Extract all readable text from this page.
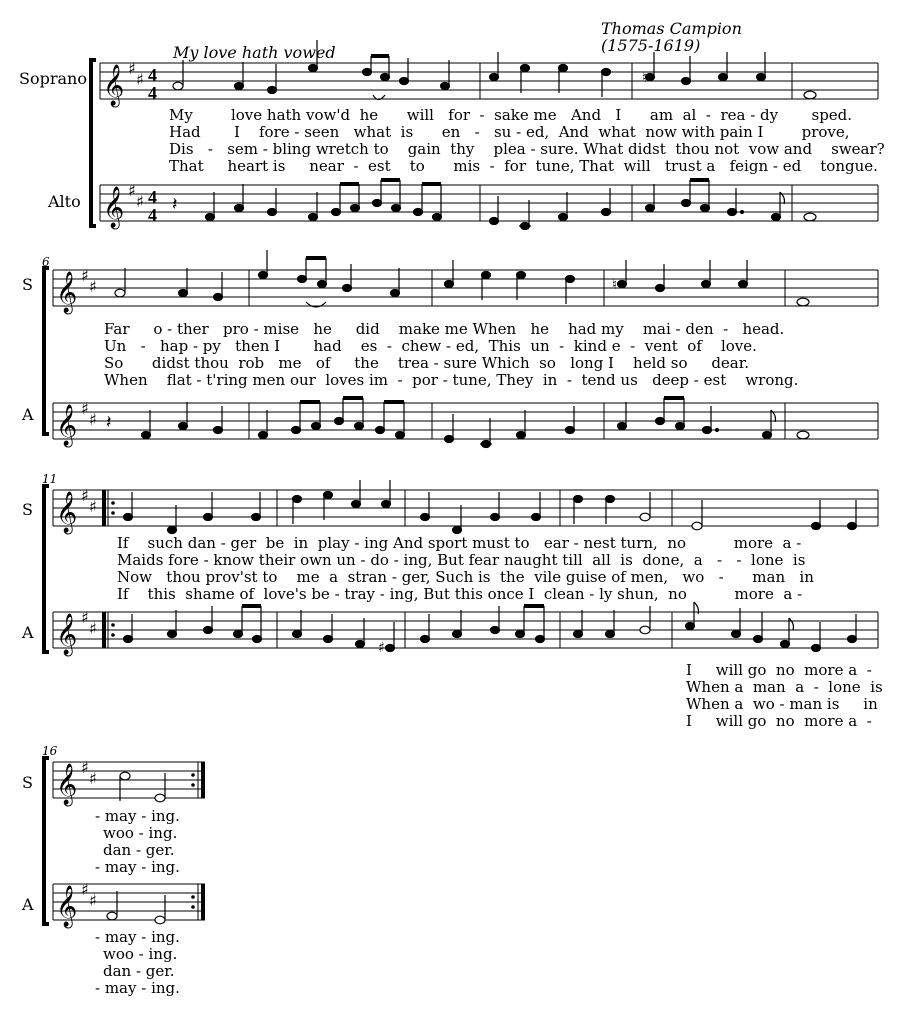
My love hath vowed
Thomas Campion
(1575-1619)
Soprano
Alto
𝄞 ♯
♯ 4
4
♮
My        love hath vow'd  he      will   for  -  sake me   And   I      am  al  -  rea - dy       sped.
Had       I    fore - seen   what  is      en   -   su - ed,  And  what  now with pain I        prove,
Dis   -   sem - bling wretch to    gain  thy    plea - sure. What didst  thou not  vow and    swear?
That     heart is     near  -  est    to      mis  -  for  tune, That  will   trust a   feign - ed    tongue.
𝄞 ♯
♯ 4
4 𝄽
6
S
A
𝄞 ♯
♯	♮
Far     o - ther   pro - mise   he     did    make me When   he    had my    mai - den  -   head.
Un   -   hap - py   then I       had    es  -  chew - ed,  This  un  -  kind e  -  vent  of    love.
So      didst thou  rob   me   of     the    trea - sure Which  so   long I    held so     dear.
When    flat - t'ring men our  loves im  -  por - tune, They  in  -  tend us   deep - est    wrong.
𝄞 ♯
♯ 𝄽
11
S
A
𝄞 ♯
♯
If    such dan - ger  be  in  play - ing And sport must to   ear - nest turn,  no          more  a -
Maids fore - know their own un - do - ing, But fear naught till  all  is  done,  a   -   -  lone  is
Now   thou prov'st to    me  a  stran - ger, Such is  the  vile guise of men,   wo   -      man   in
If    this  shame of  love's be - tray - ing, But this once I  clean - ly shun,  no          more  a -
𝄞 ♯
♯
♯
I     will go  no  more a  -
When a  man  a  -  lone  is
When a  wo - man is     in
I     will go  no  more a  -
16
S
A
𝄞 ♯
♯
- may - ing.
woo - ing.
dan - ger.
- may - ing.
𝄞 ♯
♯
- may - ing.
woo - ing.
dan - ger.
- may - ing.
